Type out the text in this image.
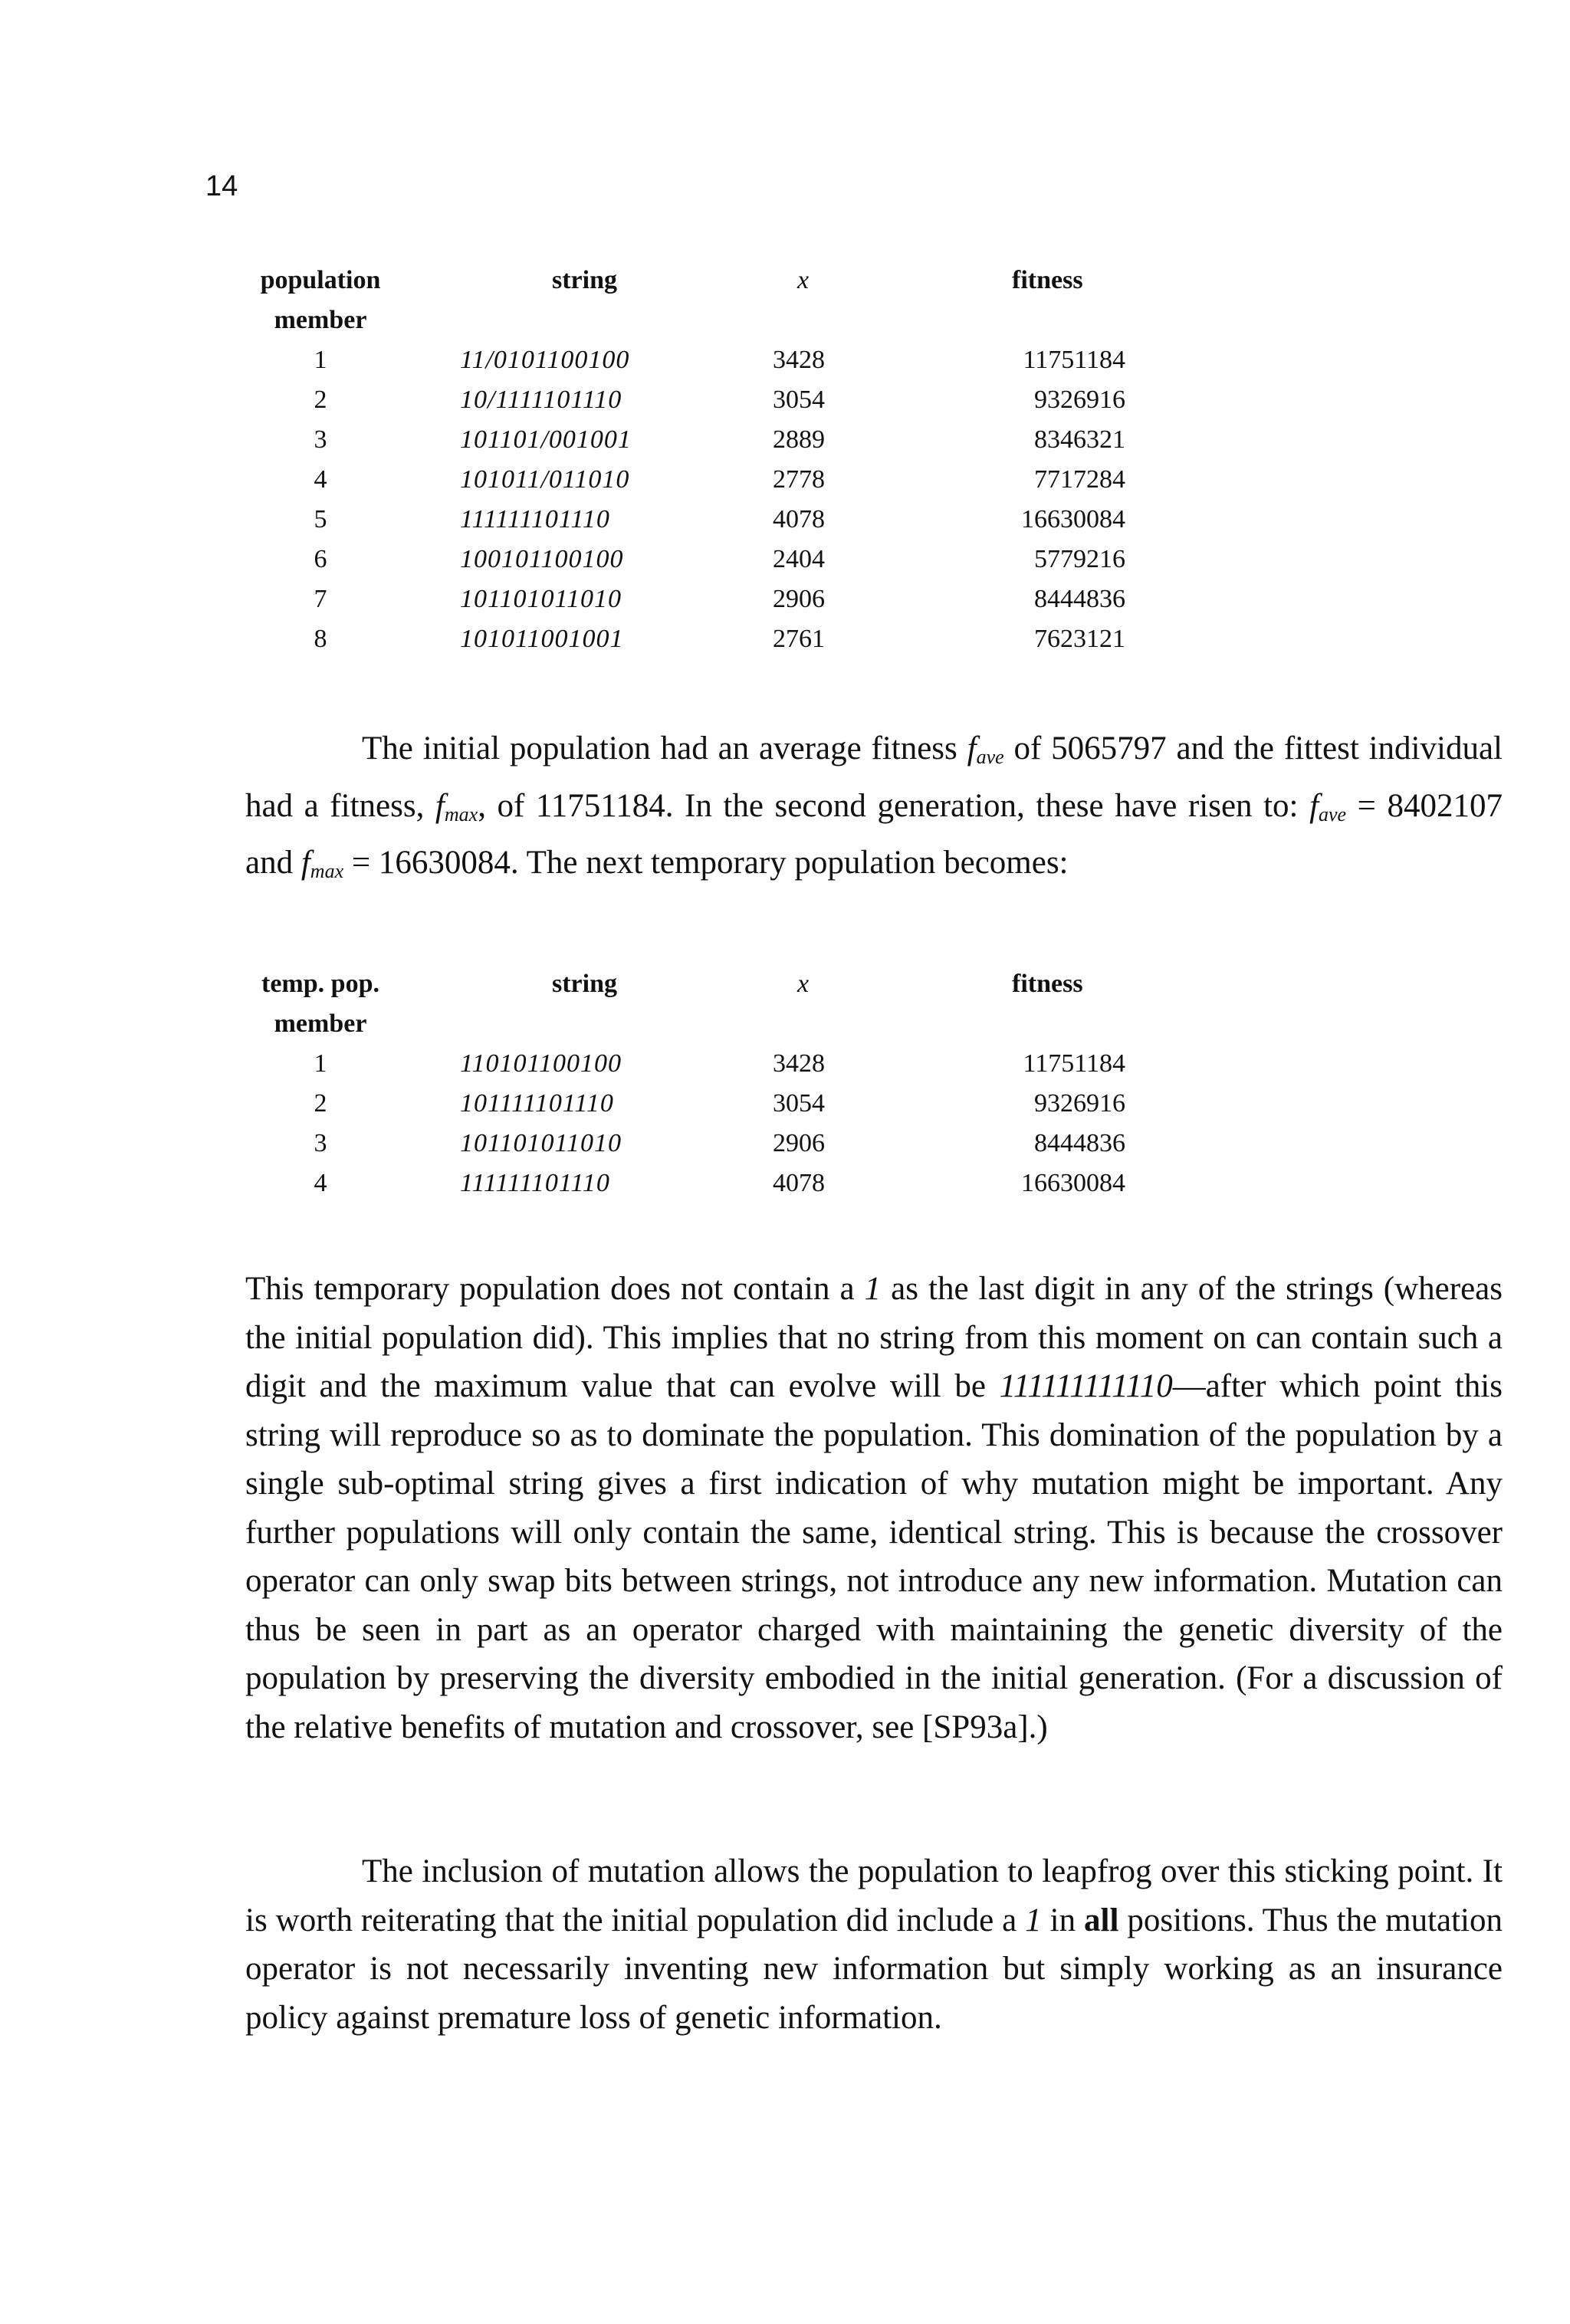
14
population	string	x	fitness
member
1	11/0101100100	3428	11751184
2	10/1111101110	3054	9326916
3	101101/001001	2889	8346321
4	101011/011010	2778	7717284
5	111111101110	4078	16630084
6	100101100100	2404	5779216
7	101101011010	2906	8444836
8	101011001001	2761	7623121
The initial population had an average fitness $f_{ave}$ of 5065797 and the fittest individual had a fitness, $f_{max}$, of 11751184. In the second generation, these have risen to: $f_{ave} = 8402107$ and $f_{max} = 16630084$. The next temporary population becomes:
temp. pop.	string	x	fitness
member
1	110101100100	3428	11751184
2	101111101110	3054	9326916
3	101101011010	2906	8444836
4	111111101110	4078	16630084
This temporary population does not contain a 1 as the last digit in any of the strings (whereas the initial population did). This implies that no string from this moment on can contain such a digit and the maximum value that can evolve will be 111111111110—after which point this string will reproduce so as to dominate the population. This domination of the population by a single sub-optimal string gives a first indication of why mutation might be important. Any further populations will only contain the same, identical string. This is because the crossover operator can only swap bits between strings, not introduce any new information. Mutation can thus be seen in part as an operator charged with maintaining the genetic diversity of the population by preserving the diversity embodied in the initial generation. (For a discussion of the relative benefits of mutation and crossover, see [SP93a].)
The inclusion of mutation allows the population to leapfrog over this sticking point. It is worth reiterating that the initial population did include a 1 in all positions. Thus the mutation operator is not necessarily inventing new information but simply working as an insurance policy against premature loss of genetic information.
